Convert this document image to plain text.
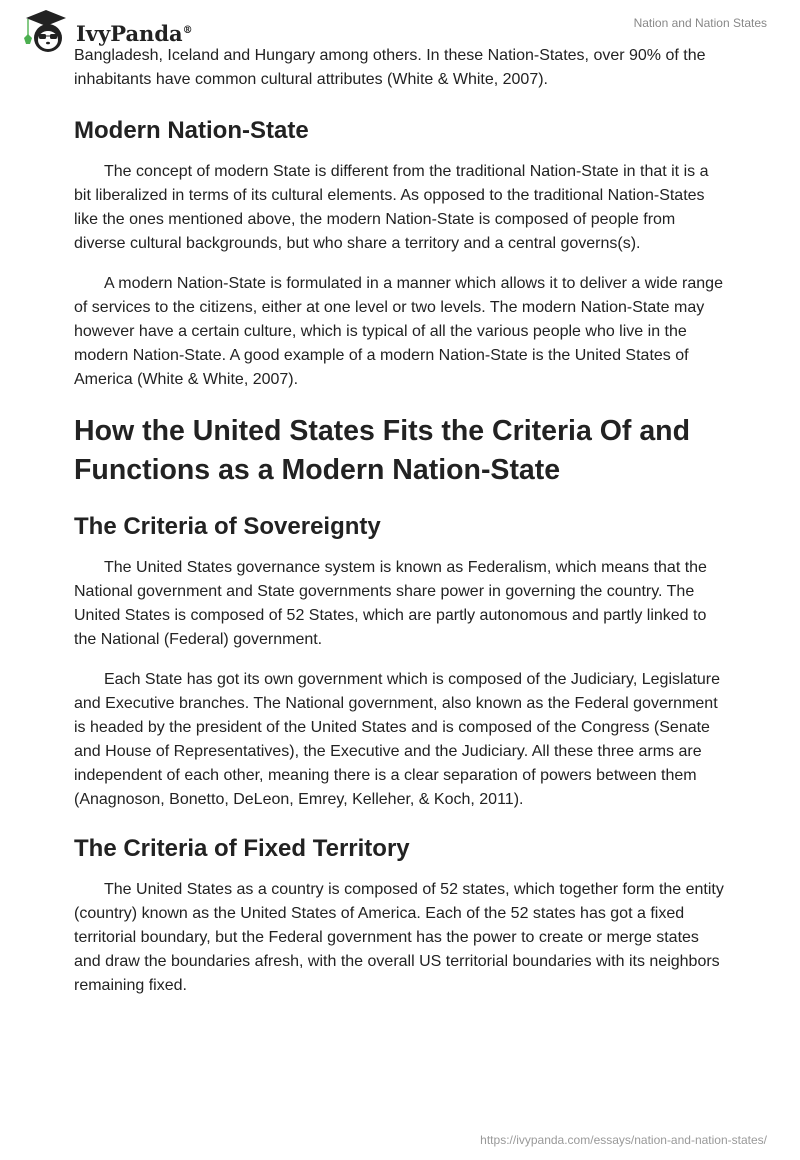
IvyPanda®	Nation and Nation States

Bangladesh, Iceland and Hungary among others. In these Nation-States, over 90% of the inhabitants have common cultural attributes (White & White, 2007).

Modern Nation-State

The concept of modern State is different from the traditional Nation-State in that it is a bit liberalized in terms of its cultural elements. As opposed to the traditional Nation-States like the ones mentioned above, the modern Nation-State is composed of people from diverse cultural backgrounds, but who share a territory and a central governs(s).

A modern Nation-State is formulated in a manner which allows it to deliver a wide range of services to the citizens, either at one level or two levels. The modern Nation-State may however have a certain culture, which is typical of all the various people who live in the modern Nation-State. A good example of a modern Nation-State is the United States of America (White & White, 2007).

How the United States Fits the Criteria Of and Functions as a Modern Nation-State
The Criteria of Sovereignty

The United States governance system is known as Federalism, which means that the National government and State governments share power in governing the country. The United States is composed of 52 States, which are partly autonomous and partly linked to the National (Federal) government.

Each State has got its own government which is composed of the Judiciary, Legislature and Executive branches. The National government, also known as the Federal government is headed by the president of the United States and is composed of the Congress (Senate and House of Representatives), the Executive and the Judiciary. All these three arms are independent of each other, meaning there is a clear separation of powers between them (Anagnoson, Bonetto, DeLeon, Emrey, Kelleher, & Koch, 2011).

The Criteria of Fixed Territory

The United States as a country is composed of 52 states, which together form the entity (country) known as the United States of America. Each of the 52 states has got a fixed territorial boundary, but the Federal government has the power to create or merge states and draw the boundaries afresh, with the overall US territorial boundaries with its neighbors remaining fixed.

https://ivypanda.com/essays/nation-and-nation-states/
